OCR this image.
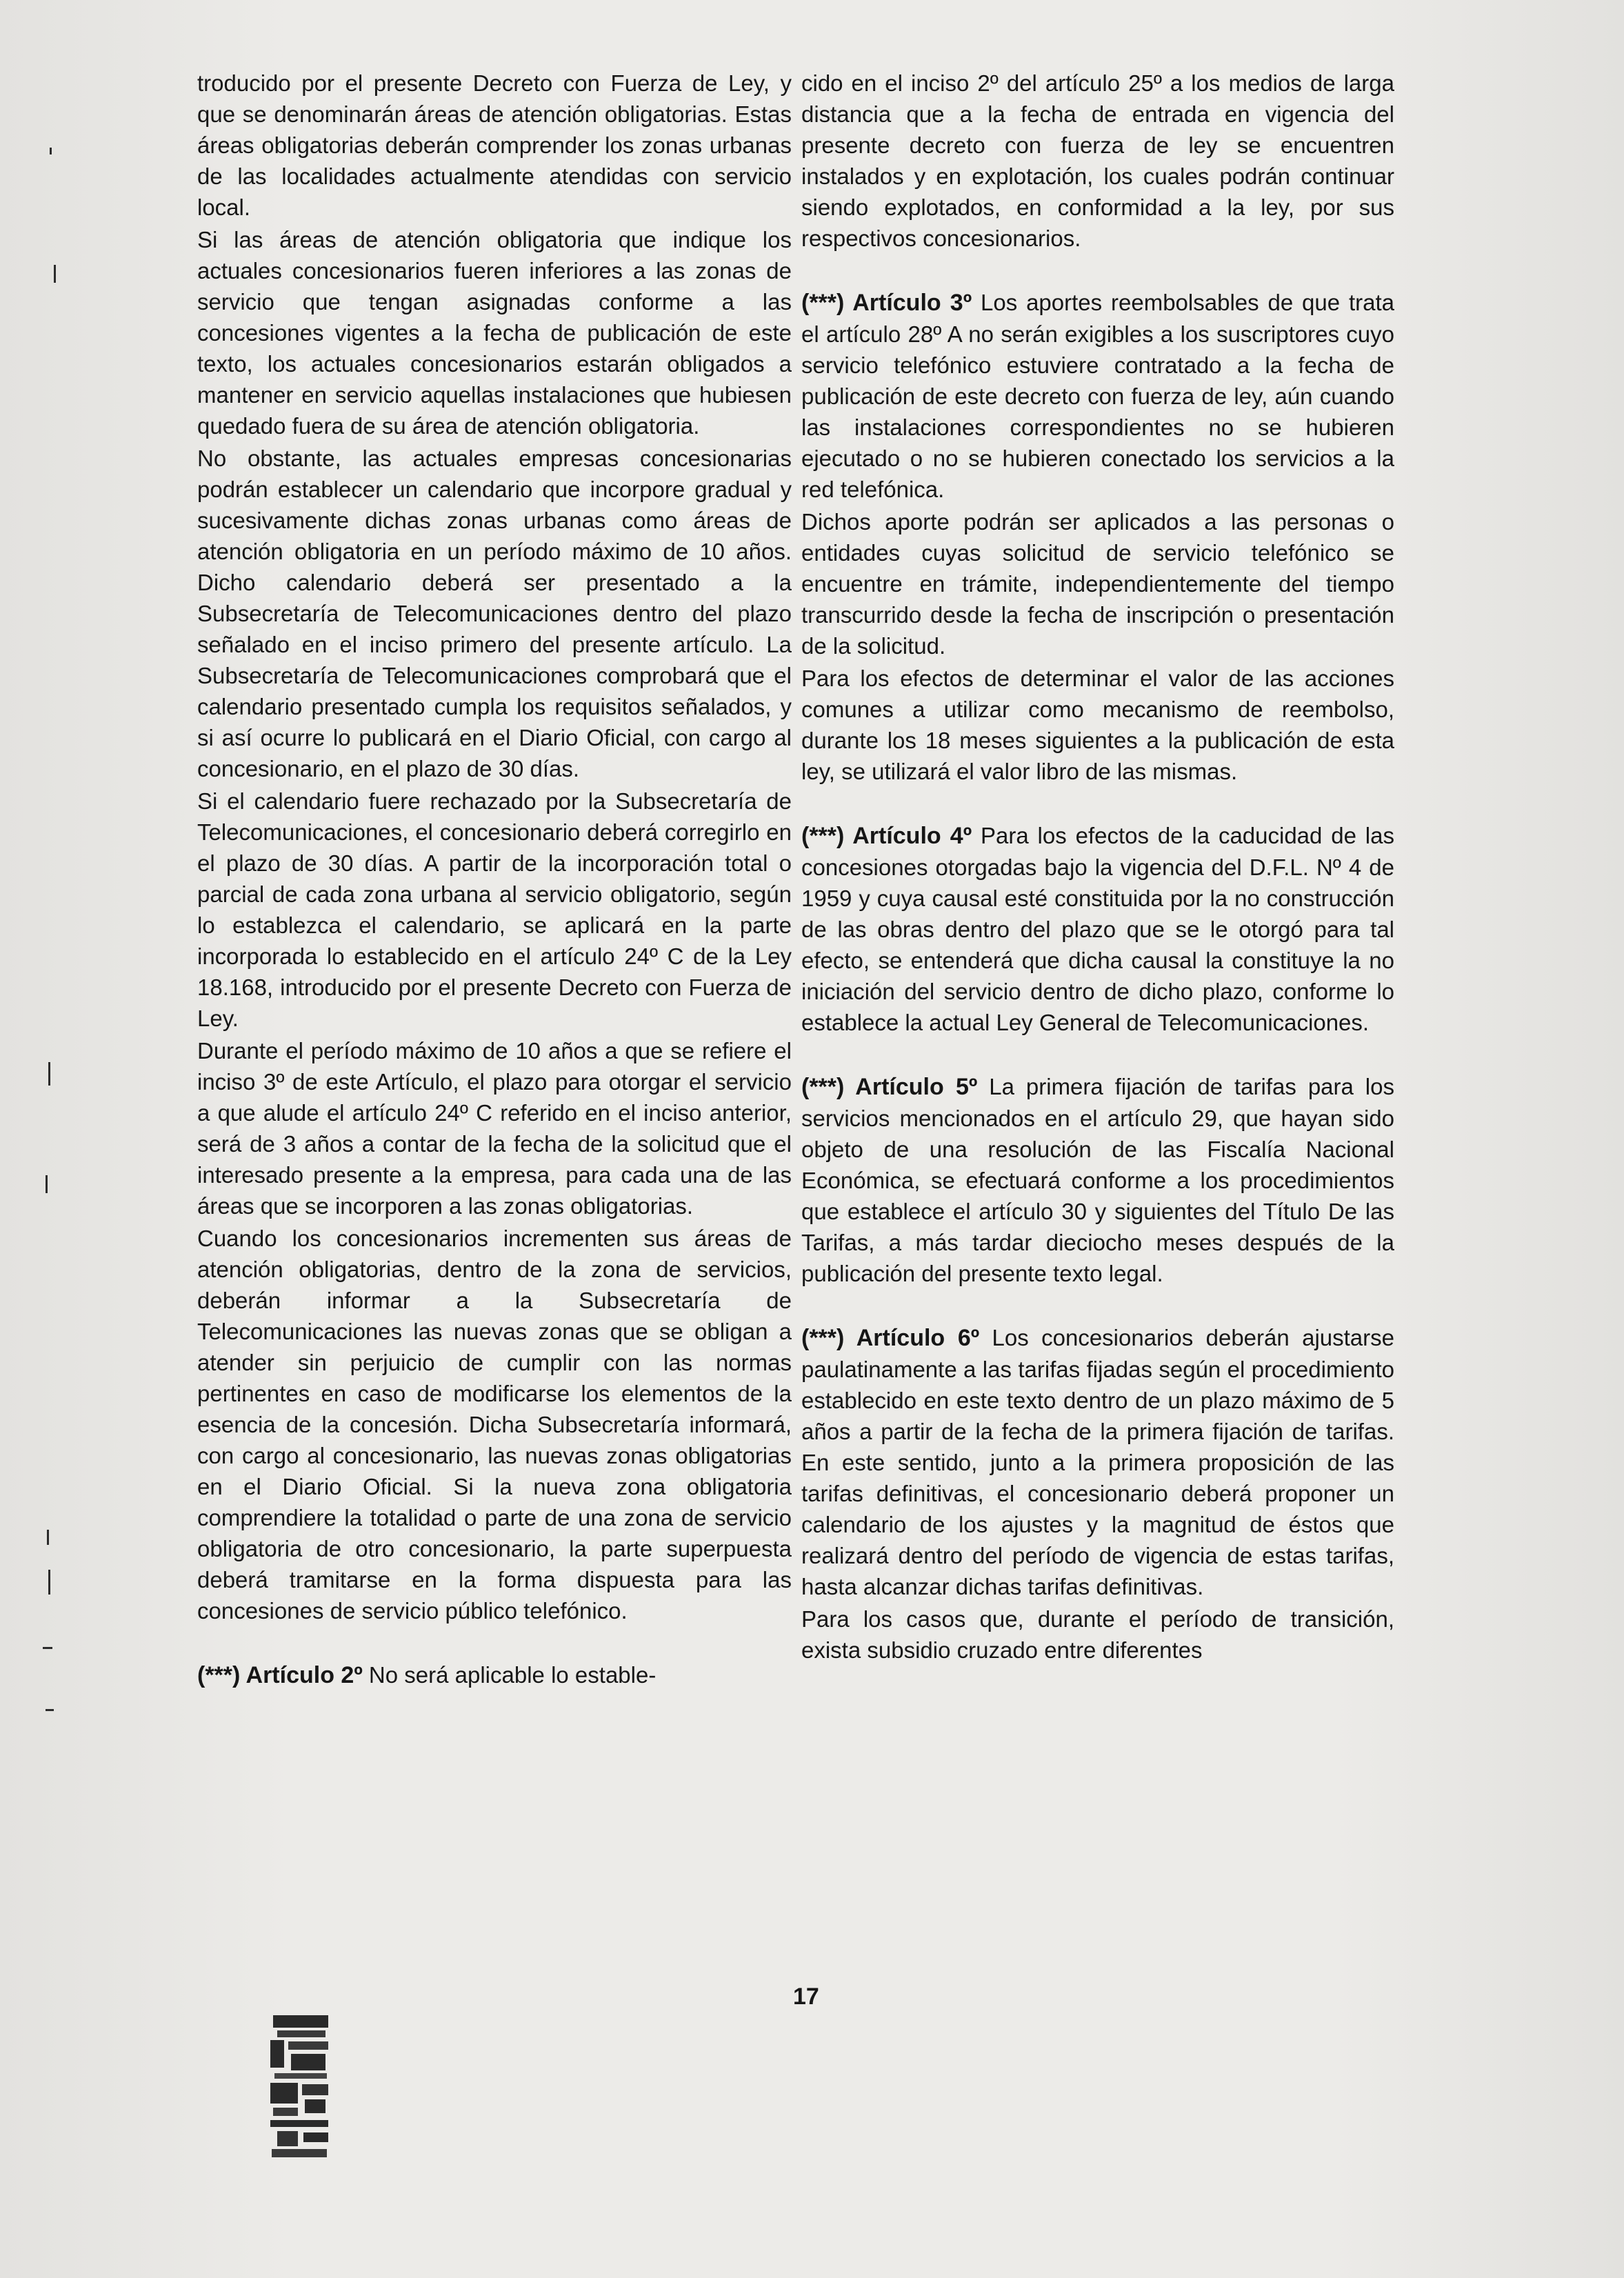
troducido por el presente Decreto con Fuerza de Ley, y que se denominarán áreas de atención obligatorias. Estas áreas obligatorias deberán comprender los zonas urbanas de las localidades actualmente atendidas con servicio local.

Si las áreas de atención obligatoria que indique los actuales concesionarios fueren inferiores a las zonas de servicio que tengan asignadas conforme a las concesiones vigentes a la fecha de publicación de este texto, los actuales concesionarios estarán obligados a mantener en servicio aquellas instalaciones que hubiesen quedado fuera de su área de atención obligatoria.

No obstante, las actuales empresas concesionarias podrán establecer un calendario que incorpore gradual y sucesivamente dichas zonas urbanas como áreas de atención obligatoria en un período máximo de 10 años. Dicho calendario deberá ser presentado a la Subsecretaría de Telecomunicaciones dentro del plazo señalado en el inciso primero del presente artículo. La Subsecretaría de Telecomunicaciones comprobará que el calendario presentado cumpla los requisitos señalados, y si así ocurre lo publicará en el Diario Oficial, con cargo al concesionario, en el plazo de 30 días.

Si el calendario fuere rechazado por la Subsecretaría de Telecomunicaciones, el concesionario deberá corregirlo en el plazo de 30 días. A partir de la incorporación total o parcial de cada zona urbana al servicio obligatorio, según lo establezca el calendario, se aplicará en la parte incorporada lo establecido en el artículo 24º C de la Ley 18.168, introducido por el presente Decreto con Fuerza de Ley.

Durante el período máximo de 10 años a que se refiere el inciso 3º de este Artículo, el plazo para otorgar el servicio a que alude el artículo 24º C referido en el inciso anterior, será de 3 años a contar de la fecha de la solicitud que el interesado presente a la empresa, para cada una de las áreas que se incorporen a las zonas obligatorias.

Cuando los concesionarios incrementen sus áreas de atención obligatorias, dentro de la zona de servicios, deberán informar a la Subsecretaría de Telecomunicaciones las nuevas zonas que se obligan a atender sin perjuicio de cumplir con las normas pertinentes en caso de modificarse los elementos de la esencia de la concesión. Dicha Subsecretaría informará, con cargo al concesionario, las nuevas zonas obligatorias en el Diario Oficial. Si la nueva zona obligatoria comprendiere la totalidad o parte de una zona de servicio obligatoria de otro concesionario, la parte superpuesta deberá tramitarse en la forma dispuesta para las concesiones de servicio público telefónico.

(***) Artículo 2º No será aplicable lo estable-

cido en el inciso 2º del artículo 25º a los medios de larga distancia que a la fecha de entrada en vigencia del presente decreto con fuerza de ley se encuentren instalados y en explotación, los cuales podrán continuar siendo explotados, en conformidad a la ley, por sus respectivos concesionarios.

(***) Artículo 3º Los aportes reembolsables de que trata el artículo 28º A no serán exigibles a los suscriptores cuyo servicio telefónico estuviere contratado a la fecha de publicación de este decreto con fuerza de ley, aún cuando las instalaciones correspondientes no se hubieren ejecutado o no se hubieren conectado los servicios a la red telefónica.

Dichos aporte podrán ser aplicados a las personas o entidades cuyas solicitud de servicio telefónico se encuentre en trámite, independientemente del tiempo transcurrido desde la fecha de inscripción o presentación de la solicitud.

Para los efectos de determinar el valor de las acciones comunes a utilizar como mecanismo de reembolso, durante los 18 meses siguientes a la publicación de esta ley, se utilizará el valor libro de las mismas.

(***) Artículo 4º Para los efectos de la caducidad de las concesiones otorgadas bajo la vigencia del D.F.L. Nº 4 de 1959 y cuya causal esté constituida por la no construcción de las obras dentro del plazo que se le otorgó para tal efecto, se entenderá que dicha causal la constituye la no iniciación del servicio dentro de dicho plazo, conforme lo establece la actual Ley General de Telecomunicaciones.

(***) Artículo 5º La primera fijación de tarifas para los servicios mencionados en el artículo 29, que hayan sido objeto de una resolución de las Fiscalía Nacional Económica, se efectuará conforme a los procedimientos que establece el artículo 30 y siguientes del Título De las Tarifas, a más tardar dieciocho meses después de la publicación del presente texto legal.

(***) Artículo 6º Los concesionarios deberán ajustarse paulatinamente a las tarifas fijadas según el procedimiento establecido en este texto dentro de un plazo máximo de 5 años a partir de la fecha de la primera fijación de tarifas. En este sentido, junto a la primera proposición de las tarifas definitivas, el concesionario deberá proponer un calendario de los ajustes y la magnitud de éstos que realizará dentro del período de vigencia de estas tarifas, hasta alcanzar dichas tarifas definitivas.

Para los casos que, durante el período de transición, exista subsidio cruzado entre diferentes

17
